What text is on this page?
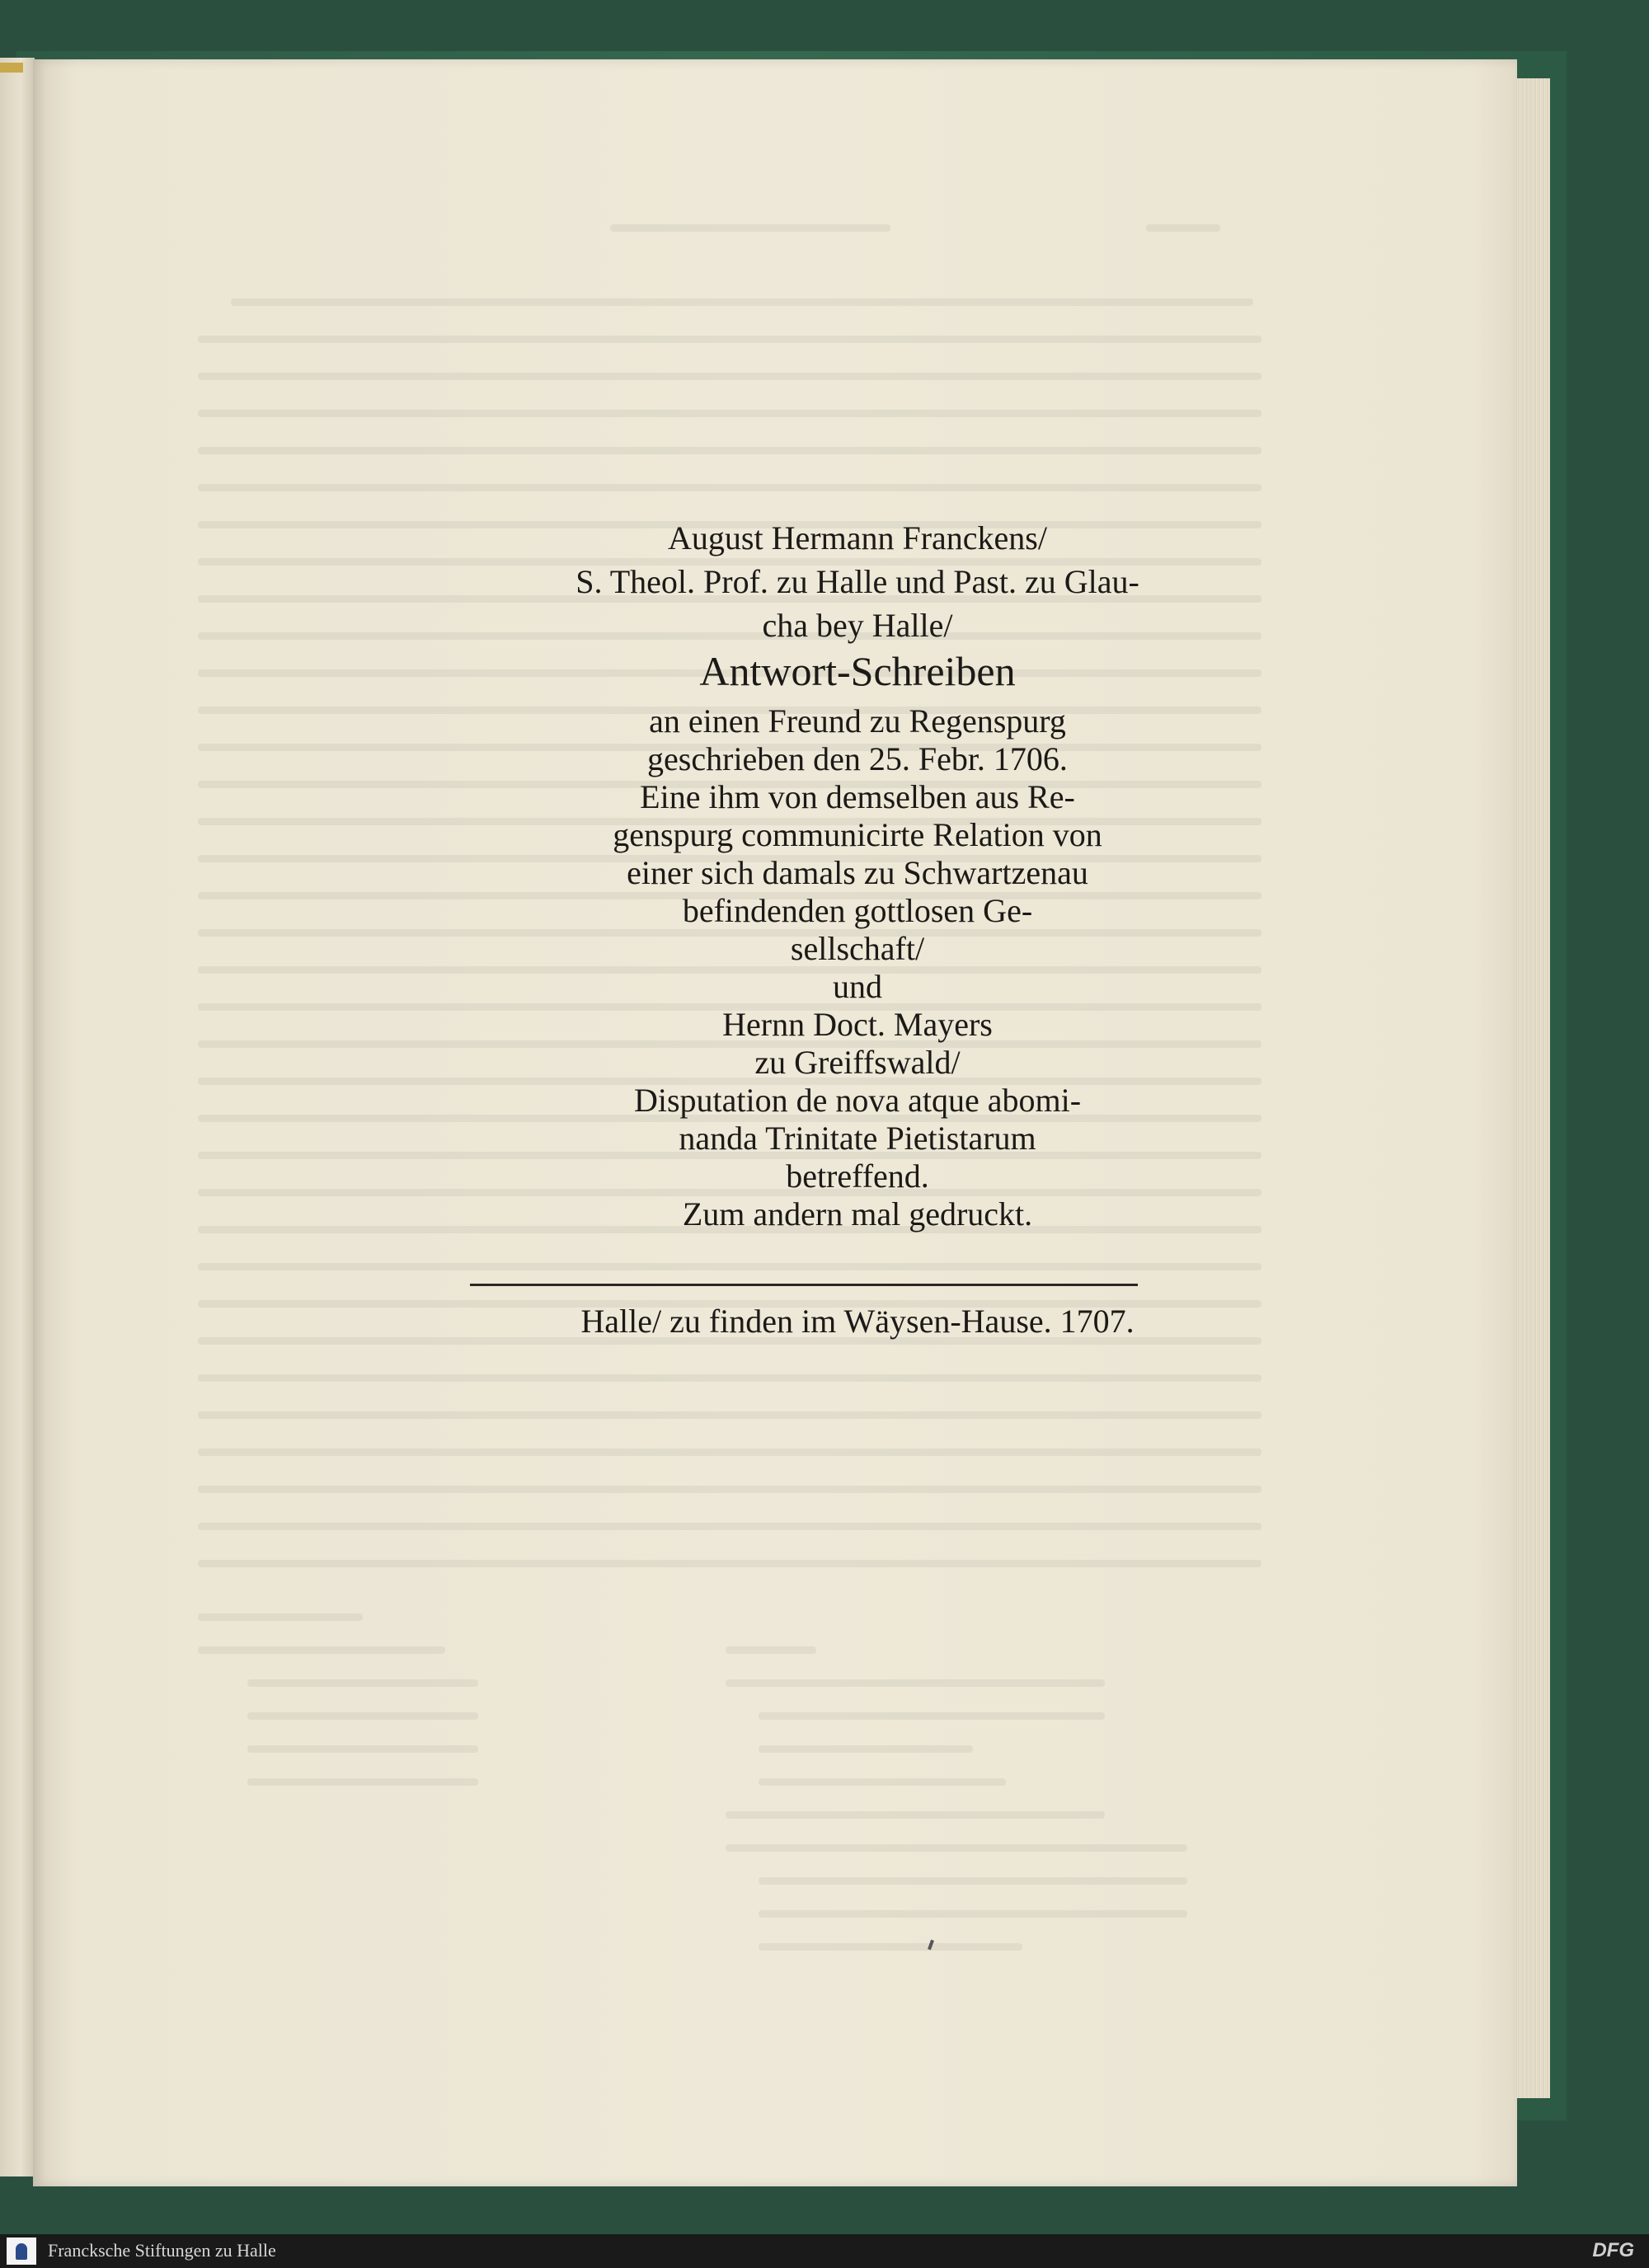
August Hermann Franckens/
S. Theol. Prof. zu Halle und Past. zu Glau-
cha bey Halle/
Antwort-Schreiben
an einen Freund zu Regenspurg
geschrieben den 25. Febr. 1706.
Eine ihm von demselben aus Re-
genspurg communicirte Relation von
einer sich damals zu Schwartzenau
befindenden gottlosen Ge-
sellschaft/
und
Hernn Doct. Mayers
zu Greiffswald/
Disputation de nova atque abomi-
nanda Trinitate Pietistarum
betreffend.
Zum andern mal gedruckt.
Halle/ zu finden im Wäysen-Hause. 1707.
Francksche Stiftungen zu Halle	DFG
